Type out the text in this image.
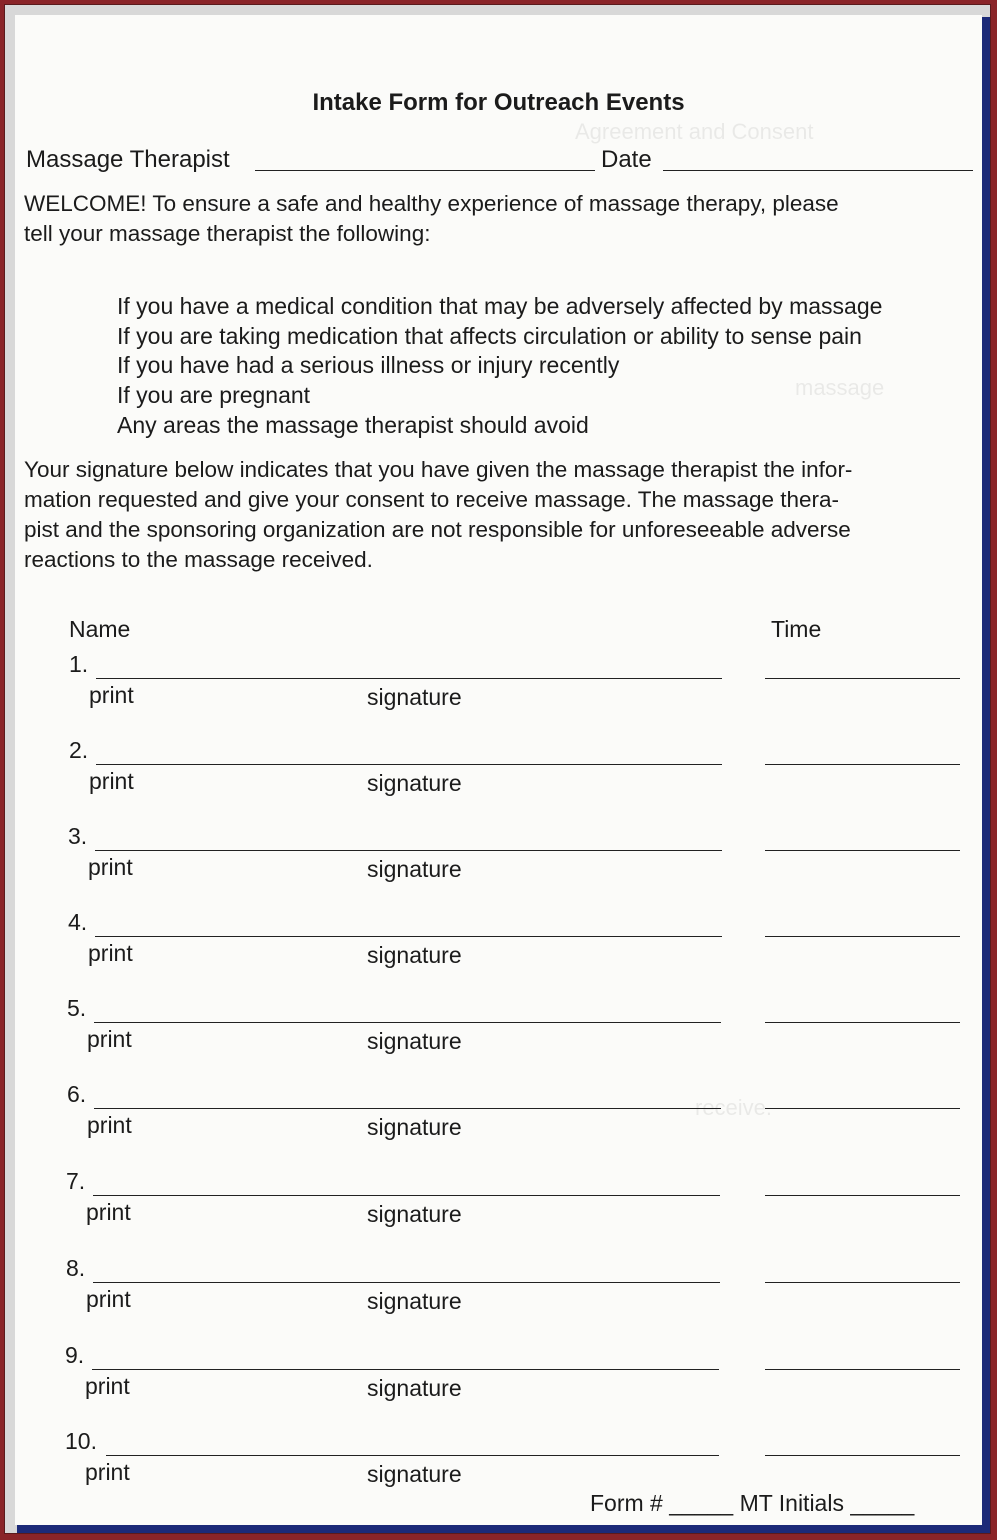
Agreement and Consent
massage
receive.
Intake Form for Outreach Events
Massage Therapist	Date

WELCOME! To ensure a safe and healthy experience of massage therapy, please

tell your massage therapist the following:

If you have a medical condition that may be adversely affected by massage
If you are taking medication that affects circulation or ability to sense pain
If you have had a serious illness or injury recently
If you are pregnant
Any areas the massage therapist should avoid

Your signature below indicates that you have given the massage therapist the infor-

mation requested and give your consent to receive massage. The massage thera-

pist and the sponsoring organization are not responsible for unforeseeable adverse

reactions to the massage received.

Name	Time
1.
print	signature
2.
print	signature
3.
print	signature
4.
print	signature
5.
print	signature
6.
print	signature
7.
print	signature
8.
print	signature
9.
print	signature
10.
print	signature
Form # _____ MT Initials _____
